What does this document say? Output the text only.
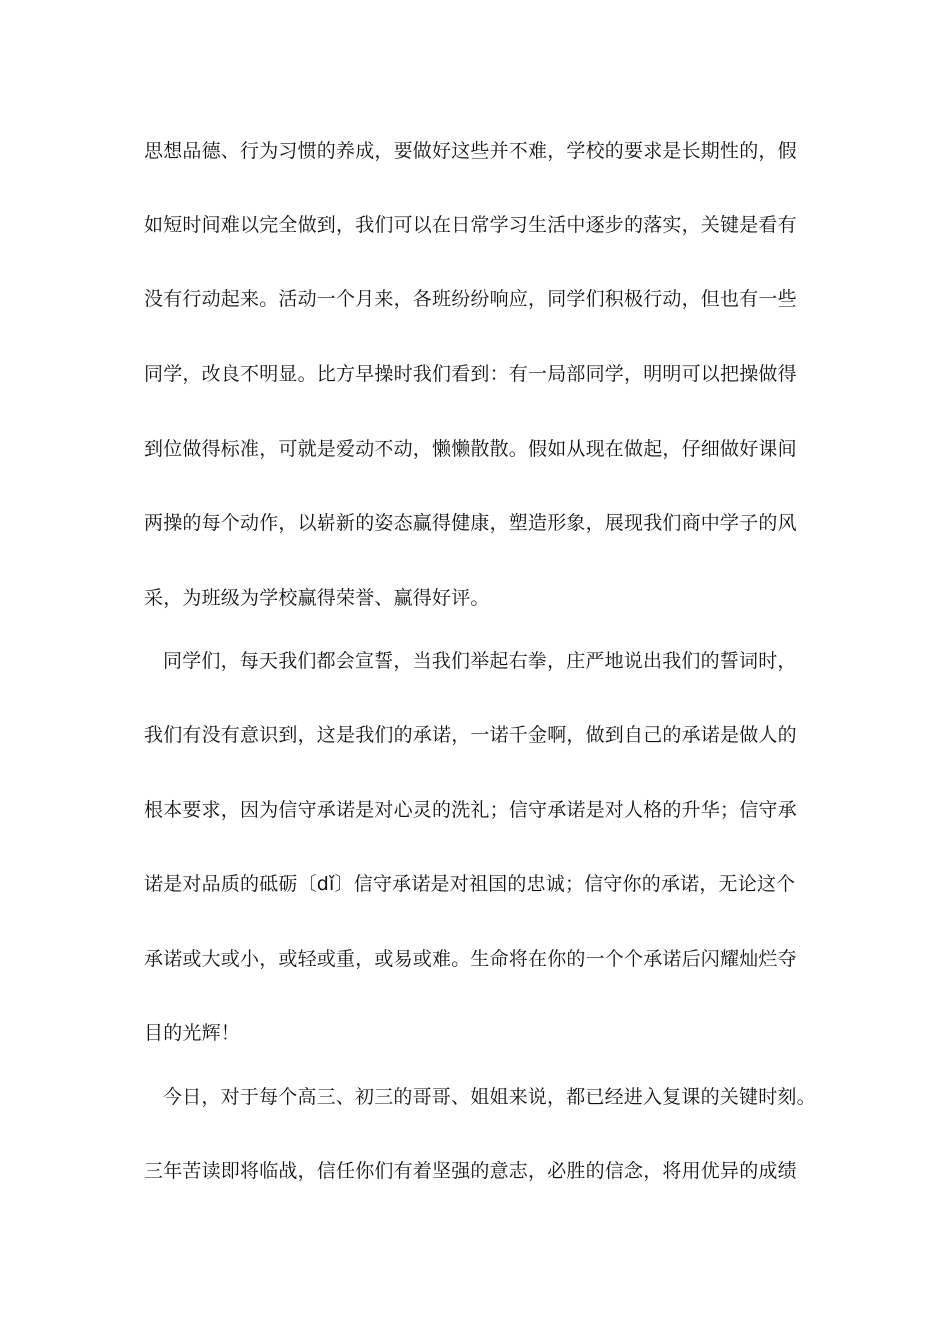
思想品德、行为习惯的养成，要做好这些并不难，学校的要求是长期性的，假
如短时间难以完全做到，我们可以在日常学习生活中逐步的落实，关键是看有
没有行动起来。活动一个月来，各班纷纷响应，同学们积极行动，但也有一些
同学，改良不明显。比方早操时我们看到：有一局部同学，明明可以把操做得
到位做得标准，可就是爱动不动，懒懒散散。假如从现在做起，仔细做好课间
两操的每个动作，以崭新的姿态赢得健康，塑造形象，展现我们商中学子的风
采，为班级为学校赢得荣誉、赢得好评。
同学们，每天我们都会宣誓，当我们举起右拳，庄严地说出我们的誓词时，
我们有没有意识到，这是我们的承诺，一诺千金啊，做到自己的承诺是做人的
根本要求，因为信守承诺是对心灵的洗礼；信守承诺是对人格的升华；信守承
诺是对品质的砥砺〔dǐ〕信守承诺是对祖国的忠诚；信守你的承诺，无论这个
承诺或大或小，或轻或重，或易或难。生命将在你的一个个承诺后闪耀灿烂夺
目的光辉！
今日，对于每个高三、初三的哥哥、姐姐来说，都已经进入复课的关键时刻。
三年苦读即将临战，信任你们有着坚强的意志，必胜的信念，将用优异的成绩
